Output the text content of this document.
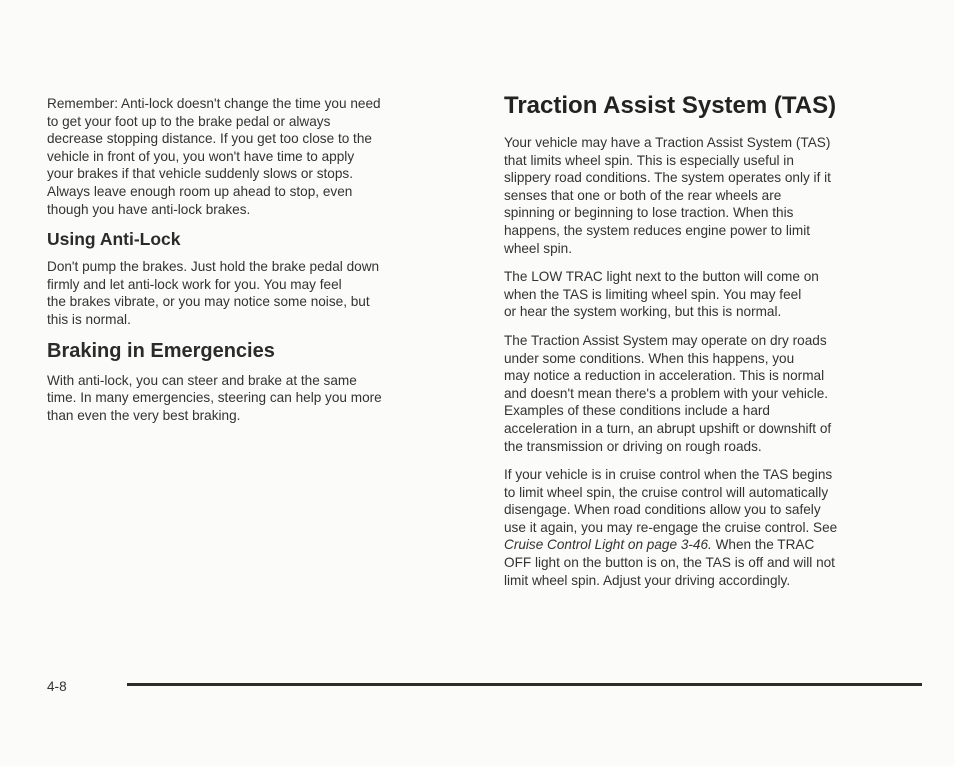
Remember: Anti-lock doesn't change the time you need
to get your foot up to the brake pedal or always
decrease stopping distance. If you get too close to the
vehicle in front of you, you won't have time to apply
your brakes if that vehicle suddenly slows or stops.
Always leave enough room up ahead to stop, even
though you have anti-lock brakes.

Using Anti-Lock

Don't pump the brakes. Just hold the brake pedal down
firmly and let anti-lock work for you. You may feel
the brakes vibrate, or you may notice some noise, but
this is normal.

Braking in Emergencies

With anti-lock, you can steer and brake at the same
time. In many emergencies, steering can help you more
than even the very best braking.

Traction Assist System (TAS)

Your vehicle may have a Traction Assist System (TAS)
that limits wheel spin. This is especially useful in
slippery road conditions. The system operates only if it
senses that one or both of the rear wheels are
spinning or beginning to lose traction. When this
happens, the system reduces engine power to limit
wheel spin.

The LOW TRAC light next to the button will come on
when the TAS is limiting wheel spin. You may feel
or hear the system working, but this is normal.

The Traction Assist System may operate on dry roads
under some conditions. When this happens, you
may notice a reduction in acceleration. This is normal
and doesn't mean there's a problem with your vehicle.
Examples of these conditions include a hard
acceleration in a turn, an abrupt upshift or downshift of
the transmission or driving on rough roads.

If your vehicle is in cruise control when the TAS begins
to limit wheel spin, the cruise control will automatically
disengage. When road conditions allow you to safely
use it again, you may re-engage the cruise control. See
Cruise Control Light on page 3-46. When the TRAC
OFF light on the button is on, the TAS is off and will not
limit wheel spin. Adjust your driving accordingly.

4-8
